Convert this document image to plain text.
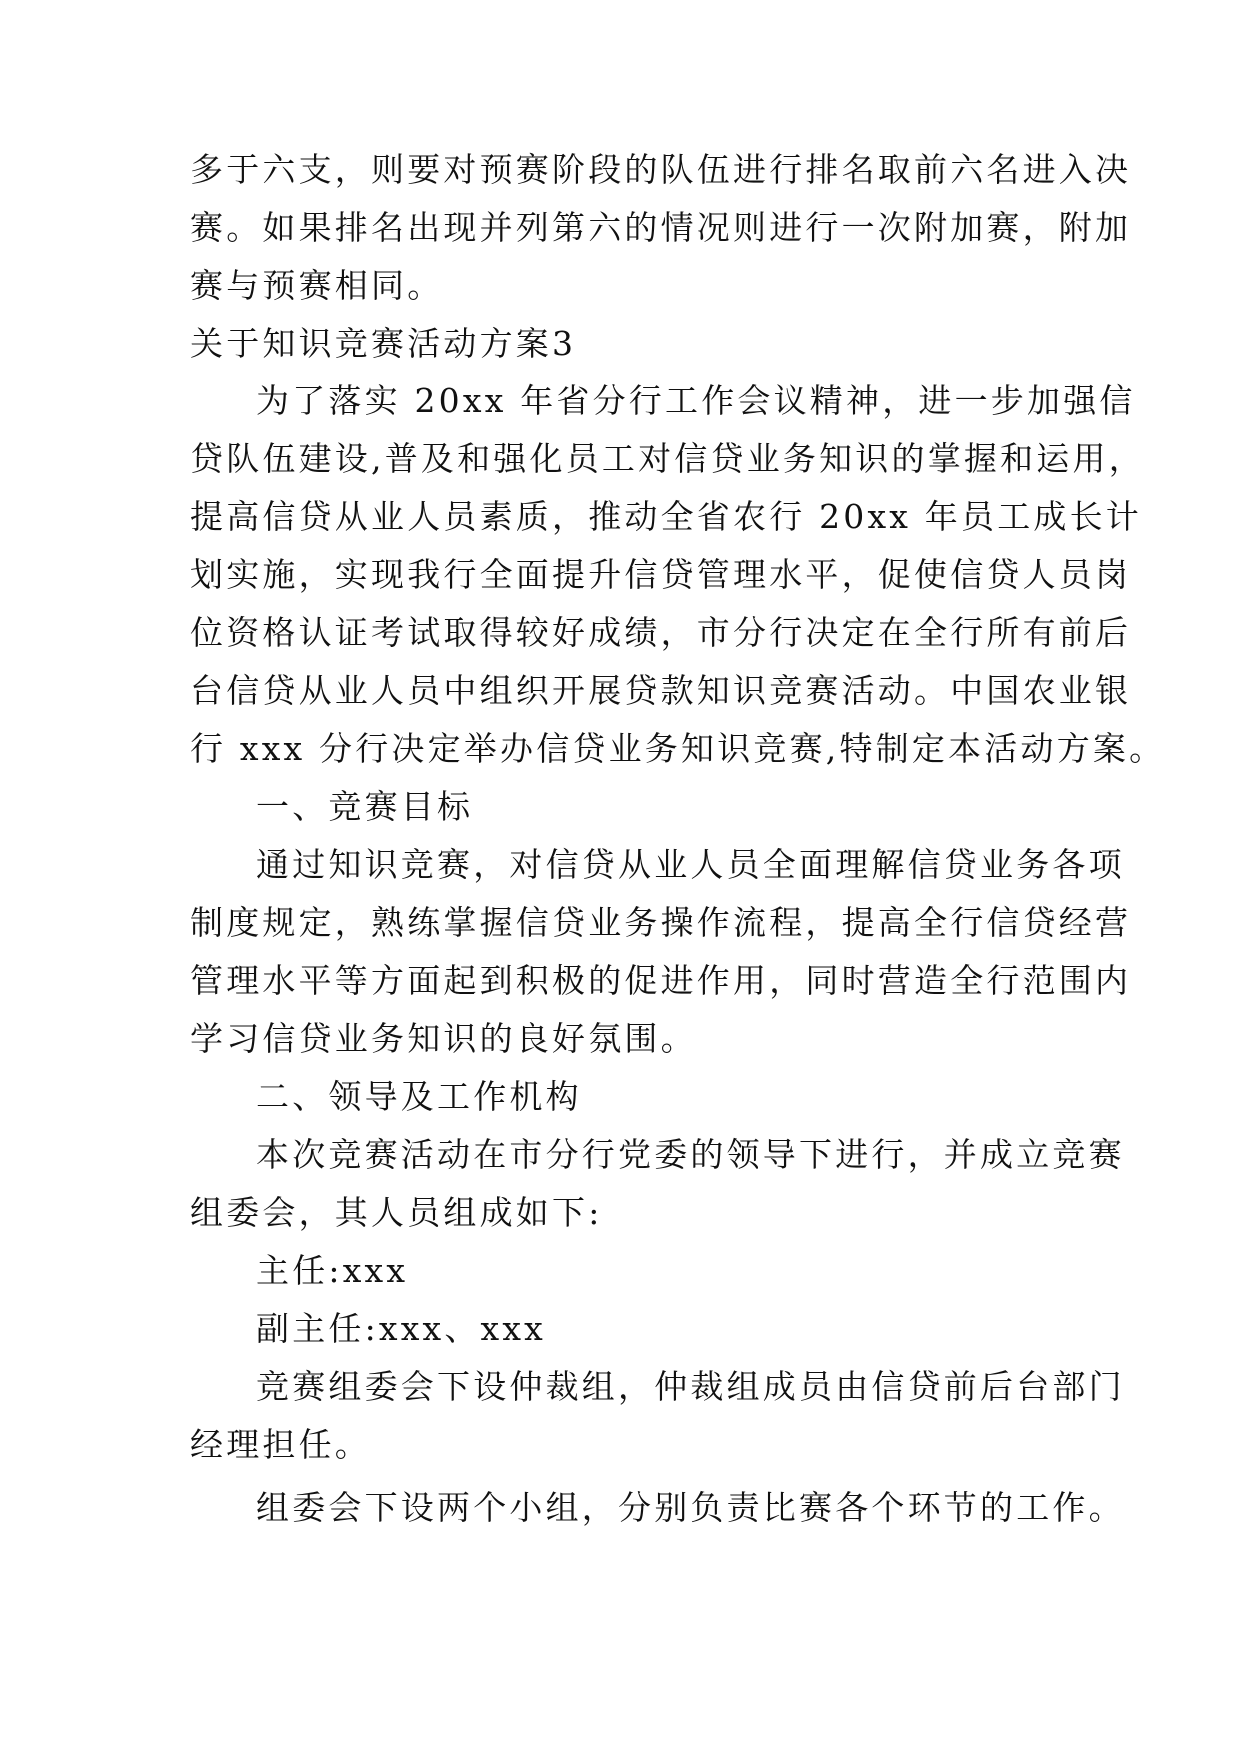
多于六支，则要对预赛阶段的队伍进行排名取前六名进入决
赛。如果排名出现并列第六的情况则进行一次附加赛，附加
赛与预赛相同。
关于知识竞赛活动方案3
为了落实 20xx 年省分行工作会议精神，进一步加强信
贷队伍建设,普及和强化员工对信贷业务知识的掌握和运用，
提高信贷从业人员素质，推动全省农行 20xx 年员工成长计
划实施，实现我行全面提升信贷管理水平，促使信贷人员岗
位资格认证考试取得较好成绩，市分行决定在全行所有前后
台信贷从业人员中组织开展贷款知识竞赛活动。中国农业银
行 xxx 分行决定举办信贷业务知识竞赛,特制定本活动方案。
一、竞赛目标
通过知识竞赛，对信贷从业人员全面理解信贷业务各项
制度规定，熟练掌握信贷业务操作流程，提高全行信贷经营
管理水平等方面起到积极的促进作用，同时营造全行范围内
学习信贷业务知识的良好氛围。
二、领导及工作机构
本次竞赛活动在市分行党委的领导下进行，并成立竞赛
组委会，其人员组成如下:
主任:xxx
副主任:xxx、xxx
竞赛组委会下设仲裁组，仲裁组成员由信贷前后台部门
经理担任。
组委会下设两个小组，分别负责比赛各个环节的工作。
